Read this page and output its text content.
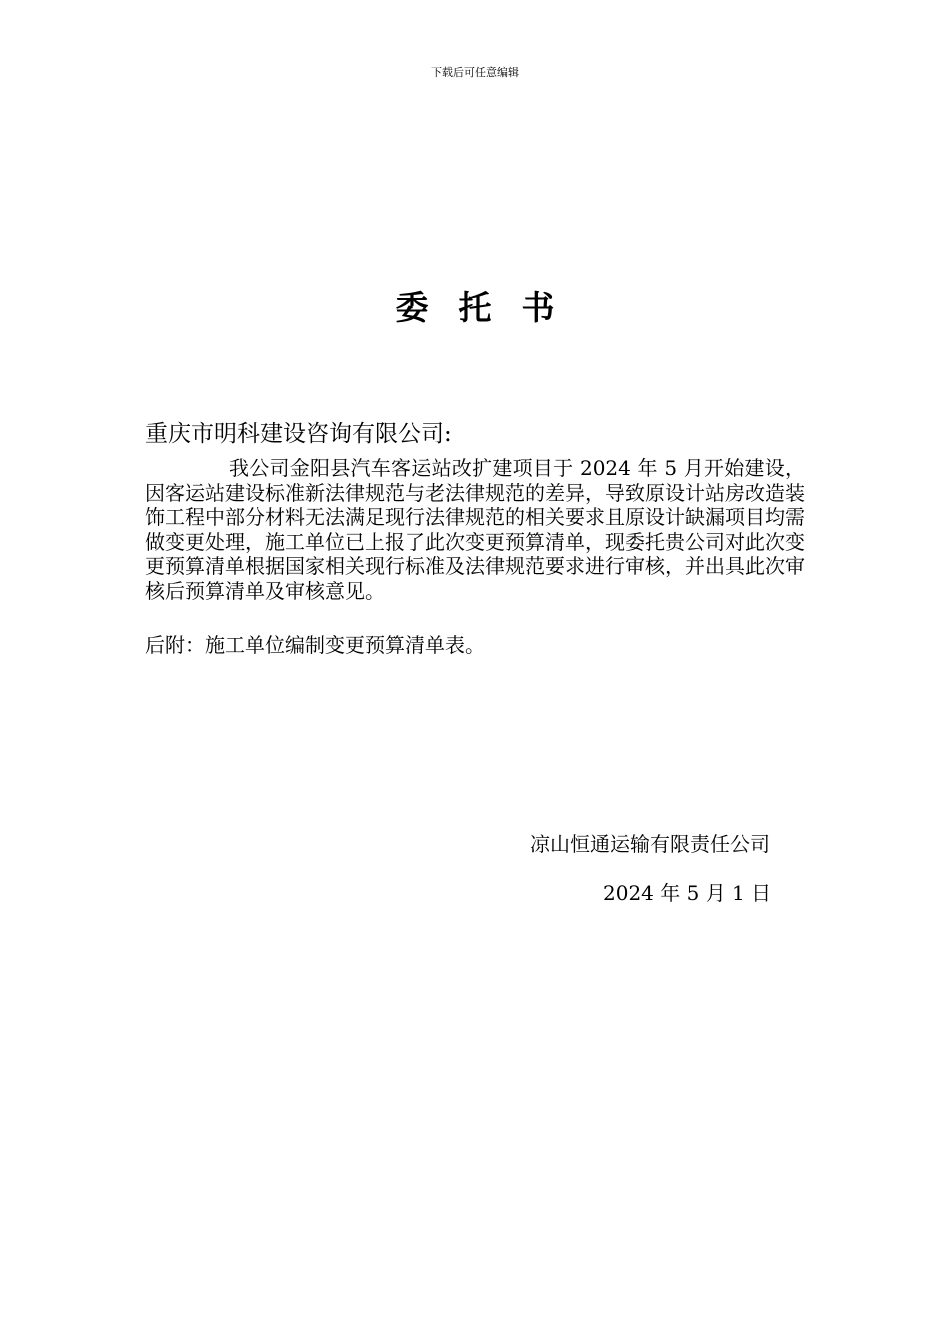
下载后可任意编辑
委托书
重庆市明科建设咨询有限公司:

我公司金阳县汽车客运站改扩建项目于 2024 年 5 月开始建设，因客运站建设标准新法律规范与老法律规范的差异，导致原设计站房改造装饰工程中部分材料无法满足现行法律规范的相关要求且原设计缺漏项目均需做变更处理，施工单位已上报了此次变更预算清单，现委托贵公司对此次变更预算清单根据国家相关现行标准及法律规范要求进行审核，并出具此次审核后预算清单及审核意见。

后附：施工单位编制变更预算清单表。
凉山恒通运输有限责任公司
2024 年 5 月 1 日
